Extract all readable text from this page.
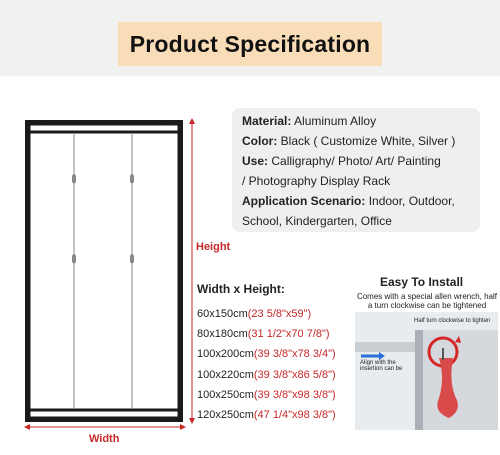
Product Specification
Height
Width
Material: Aluminum Alloy
Color: Black ( Customize White, Silver )
Use: Calligraphy/ Photo/ Art/ Painting
/ Photography Display Rack
Application Scenario: Indoor, Outdoor,
School, Kindergarten, Office
Width x Height:
60x150cm(23 5/8"x59")
80x180cm(31 1/2"x70 7/8")
100x200cm(39 3/8"x78 3/4")
100x220cm(39 3/8"x86 5/8")
100x250cm(39 3/8"x98 3/8")
120x250cm(47 1/4"x98 3/8")
Easy To Install
Comes with a special allen wrench, half a turn clockwise can be tightened
Half turn clockwise to tighten
Align with the insertion can be
